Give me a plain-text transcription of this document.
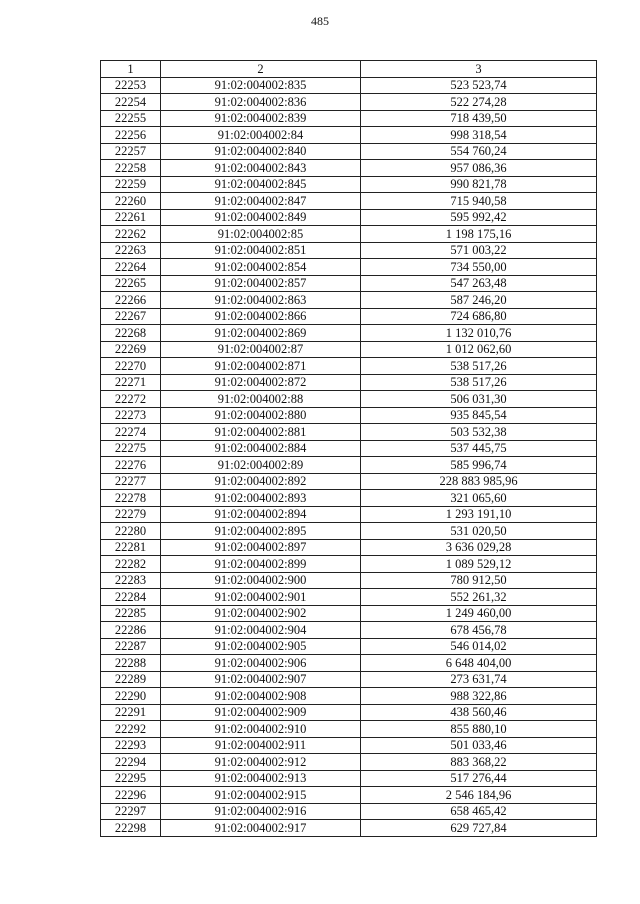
485
1	2	3
22253	91:02:004002:835	523 523,74
22254	91:02:004002:836	522 274,28
22255	91:02:004002:839	718 439,50
22256	91:02:004002:84	998 318,54
22257	91:02:004002:840	554 760,24
22258	91:02:004002:843	957 086,36
22259	91:02:004002:845	990 821,78
22260	91:02:004002:847	715 940,58
22261	91:02:004002:849	595 992,42
22262	91:02:004002:85	1 198 175,16
22263	91:02:004002:851	571 003,22
22264	91:02:004002:854	734 550,00
22265	91:02:004002:857	547 263,48
22266	91:02:004002:863	587 246,20
22267	91:02:004002:866	724 686,80
22268	91:02:004002:869	1 132 010,76
22269	91:02:004002:87	1 012 062,60
22270	91:02:004002:871	538 517,26
22271	91:02:004002:872	538 517,26
22272	91:02:004002:88	506 031,30
22273	91:02:004002:880	935 845,54
22274	91:02:004002:881	503 532,38
22275	91:02:004002:884	537 445,75
22276	91:02:004002:89	585 996,74
22277	91:02:004002:892	228 883 985,96
22278	91:02:004002:893	321 065,60
22279	91:02:004002:894	1 293 191,10
22280	91:02:004002:895	531 020,50
22281	91:02:004002:897	3 636 029,28
22282	91:02:004002:899	1 089 529,12
22283	91:02:004002:900	780 912,50
22284	91:02:004002:901	552 261,32
22285	91:02:004002:902	1 249 460,00
22286	91:02:004002:904	678 456,78
22287	91:02:004002:905	546 014,02
22288	91:02:004002:906	6 648 404,00
22289	91:02:004002:907	273 631,74
22290	91:02:004002:908	988 322,86
22291	91:02:004002:909	438 560,46
22292	91:02:004002:910	855 880,10
22293	91:02:004002:911	501 033,46
22294	91:02:004002:912	883 368,22
22295	91:02:004002:913	517 276,44
22296	91:02:004002:915	2 546 184,96
22297	91:02:004002:916	658 465,42
22298	91:02:004002:917	629 727,84
